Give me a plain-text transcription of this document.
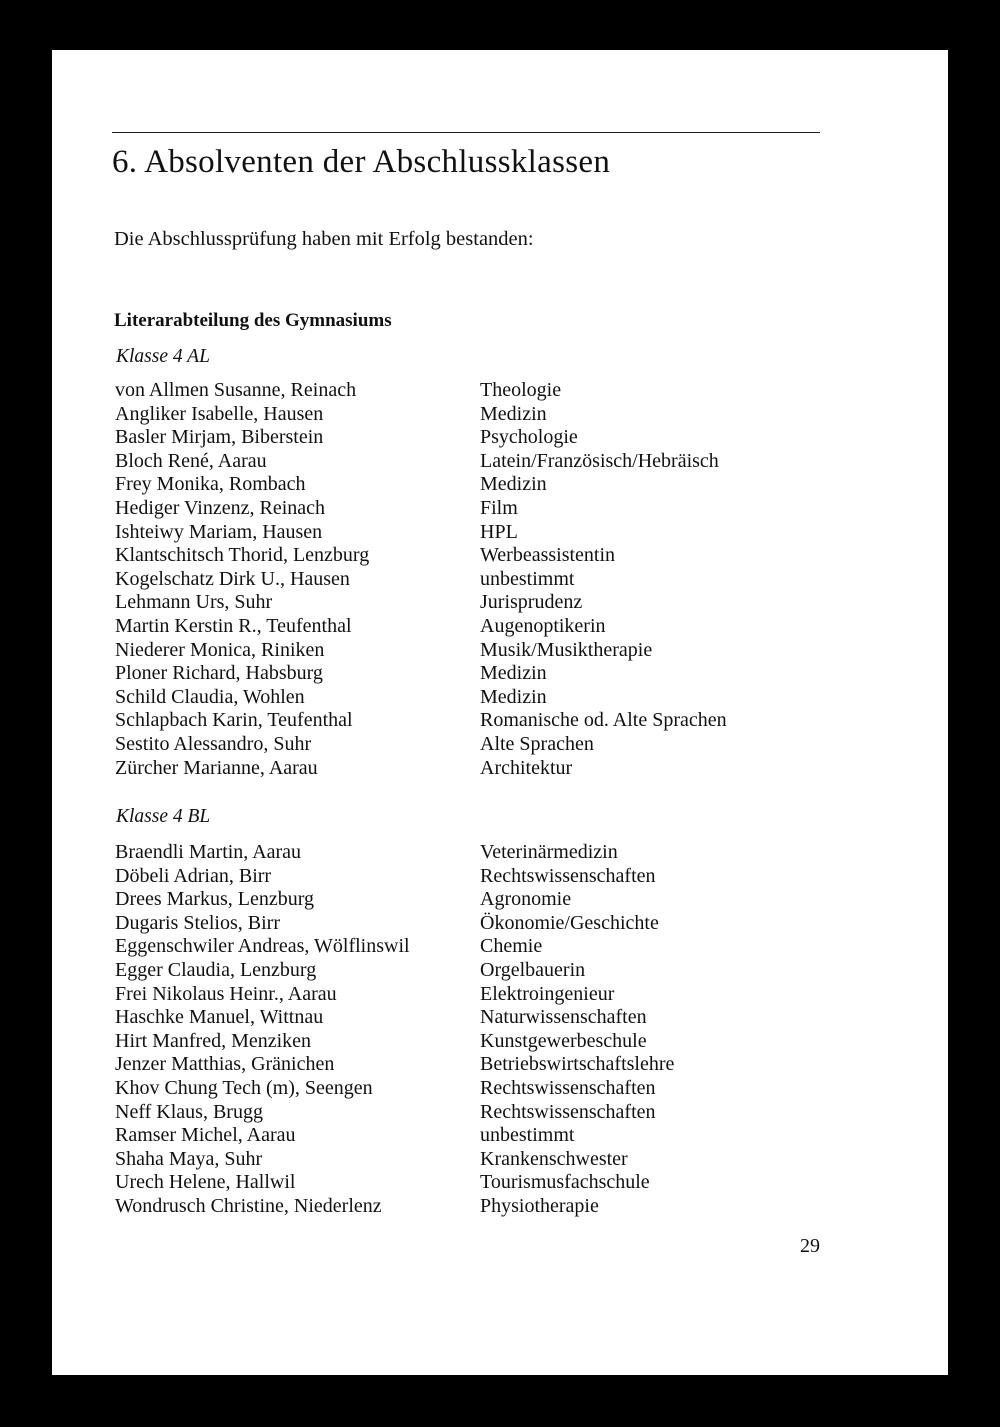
6. Absolventen der Abschlussklassen
Die Abschlussprüfung haben mit Erfolg bestanden:
Literarabteilung des Gymnasiums
Klasse 4 AL
von Allmen Susanne, Reinach	Theologie
Angliker Isabelle, Hausen	Medizin
Basler Mirjam, Biberstein	Psychologie
Bloch René, Aarau	Latein/Französisch/Hebräisch
Frey Monika, Rombach	Medizin
Hediger Vinzenz, Reinach	Film
Ishteiwy Mariam, Hausen	HPL
Klantschitsch Thorid, Lenzburg	Werbeassistentin
Kogelschatz Dirk U., Hausen	unbestimmt
Lehmann Urs, Suhr	Jurisprudenz
Martin Kerstin R., Teufenthal	Augenoptikerin
Niederer Monica, Riniken	Musik/Musiktherapie
Ploner Richard, Habsburg	Medizin
Schild Claudia, Wohlen	Medizin
Schlapbach Karin, Teufenthal	Romanische od. Alte Sprachen
Sestito Alessandro, Suhr	Alte Sprachen
Zürcher Marianne, Aarau	Architektur
Klasse 4 BL
Braendli Martin, Aarau	Veterinärmedizin
Döbeli Adrian, Birr	Rechtswissenschaften
Drees Markus, Lenzburg	Agronomie
Dugaris Stelios, Birr	Ökonomie/Geschichte
Eggenschwiler Andreas, Wölflinswil	Chemie
Egger Claudia, Lenzburg	Orgelbauerin
Frei Nikolaus Heinr., Aarau	Elektroingenieur
Haschke Manuel, Wittnau	Naturwissenschaften
Hirt Manfred, Menziken	Kunstgewerbeschule
Jenzer Matthias, Gränichen	Betriebswirtschaftslehre
Khov Chung Tech (m), Seengen	Rechtswissenschaften
Neff Klaus, Brugg	Rechtswissenschaften
Ramser Michel, Aarau	unbestimmt
Shaha Maya, Suhr	Krankenschwester
Urech Helene, Hallwil	Tourismusfachschule
Wondrusch Christine, Niederlenz	Physiotherapie
29
